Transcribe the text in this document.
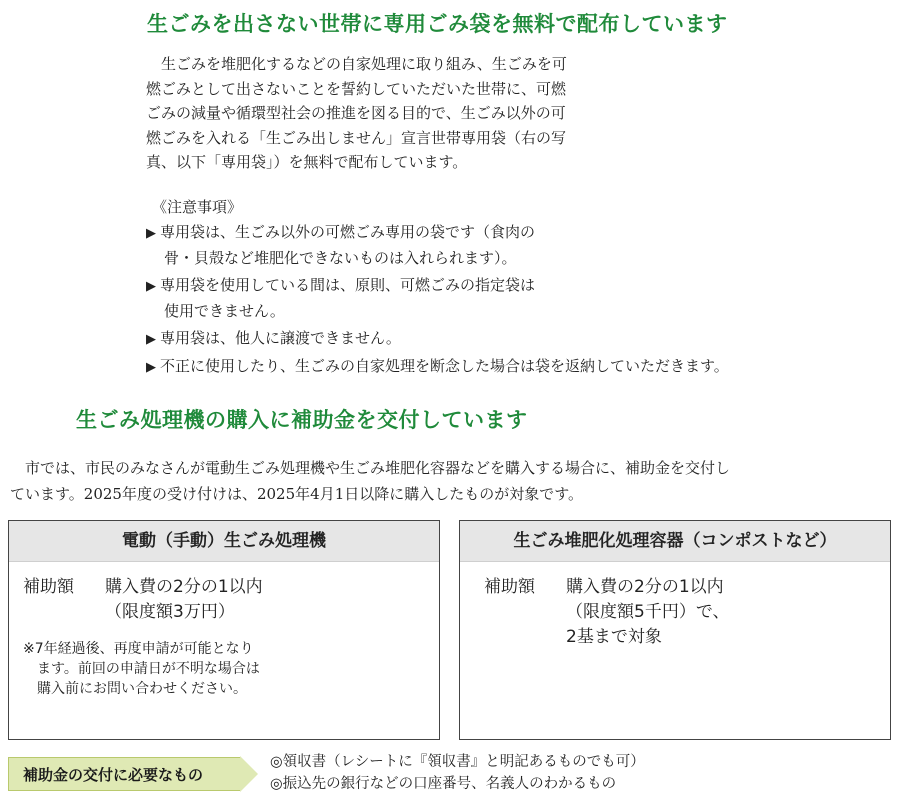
生ごみを出さない世帯に専用ごみ袋を無料で配布しています
　生ごみを堆肥化するなどの自家処理に取り組み、生ごみを可
燃ごみとして出さないことを誓約していただいた世帯に、可燃
ごみの減量や循環型社会の推進を図る目的で、生ごみ以外の可
燃ごみを入れる「生ごみ出しません」宣言世帯専用袋（右の写
真、以下「専用袋」）を無料で配布しています。
《注意事項》
▶ 専用袋は、生ごみ以外の可燃ごみ専用の袋です（食肉の
骨・貝殻など堆肥化できないものは入れられます）。
▶ 専用袋を使用している間は、原則、可燃ごみの指定袋は
使用できません。
▶ 専用袋は、他人に譲渡できません。
▶ 不正に使用したり、生ごみの自家処理を断念した場合は袋を返納していただきます。
生ごみ処理機の購入に補助金を交付しています
　市では、市民のみなさんが電動生ごみ処理機や生ごみ堆肥化容器などを購入する場合に、補助金を交付し
ています。2025年度の受け付けは、2025年4月1日以降に購入したものが対象です。
電動（手動）生ごみ処理機
補助額 購入費の2分の1以内
（限度額3万円）
※7年経過後、再度申請が可能となり
ます。前回の申請日が不明な場合は
購入前にお問い合わせください。
生ごみ堆肥化処理容器（コンポストなど）
補助額 購入費の2分の1以内
（限度額5千円）で、
2基まで対象
補助金の交付に必要なもの
◎領収書（レシートに『領収書』と明記あるものでも可）
◎振込先の銀行などの口座番号、名義人のわかるもの
